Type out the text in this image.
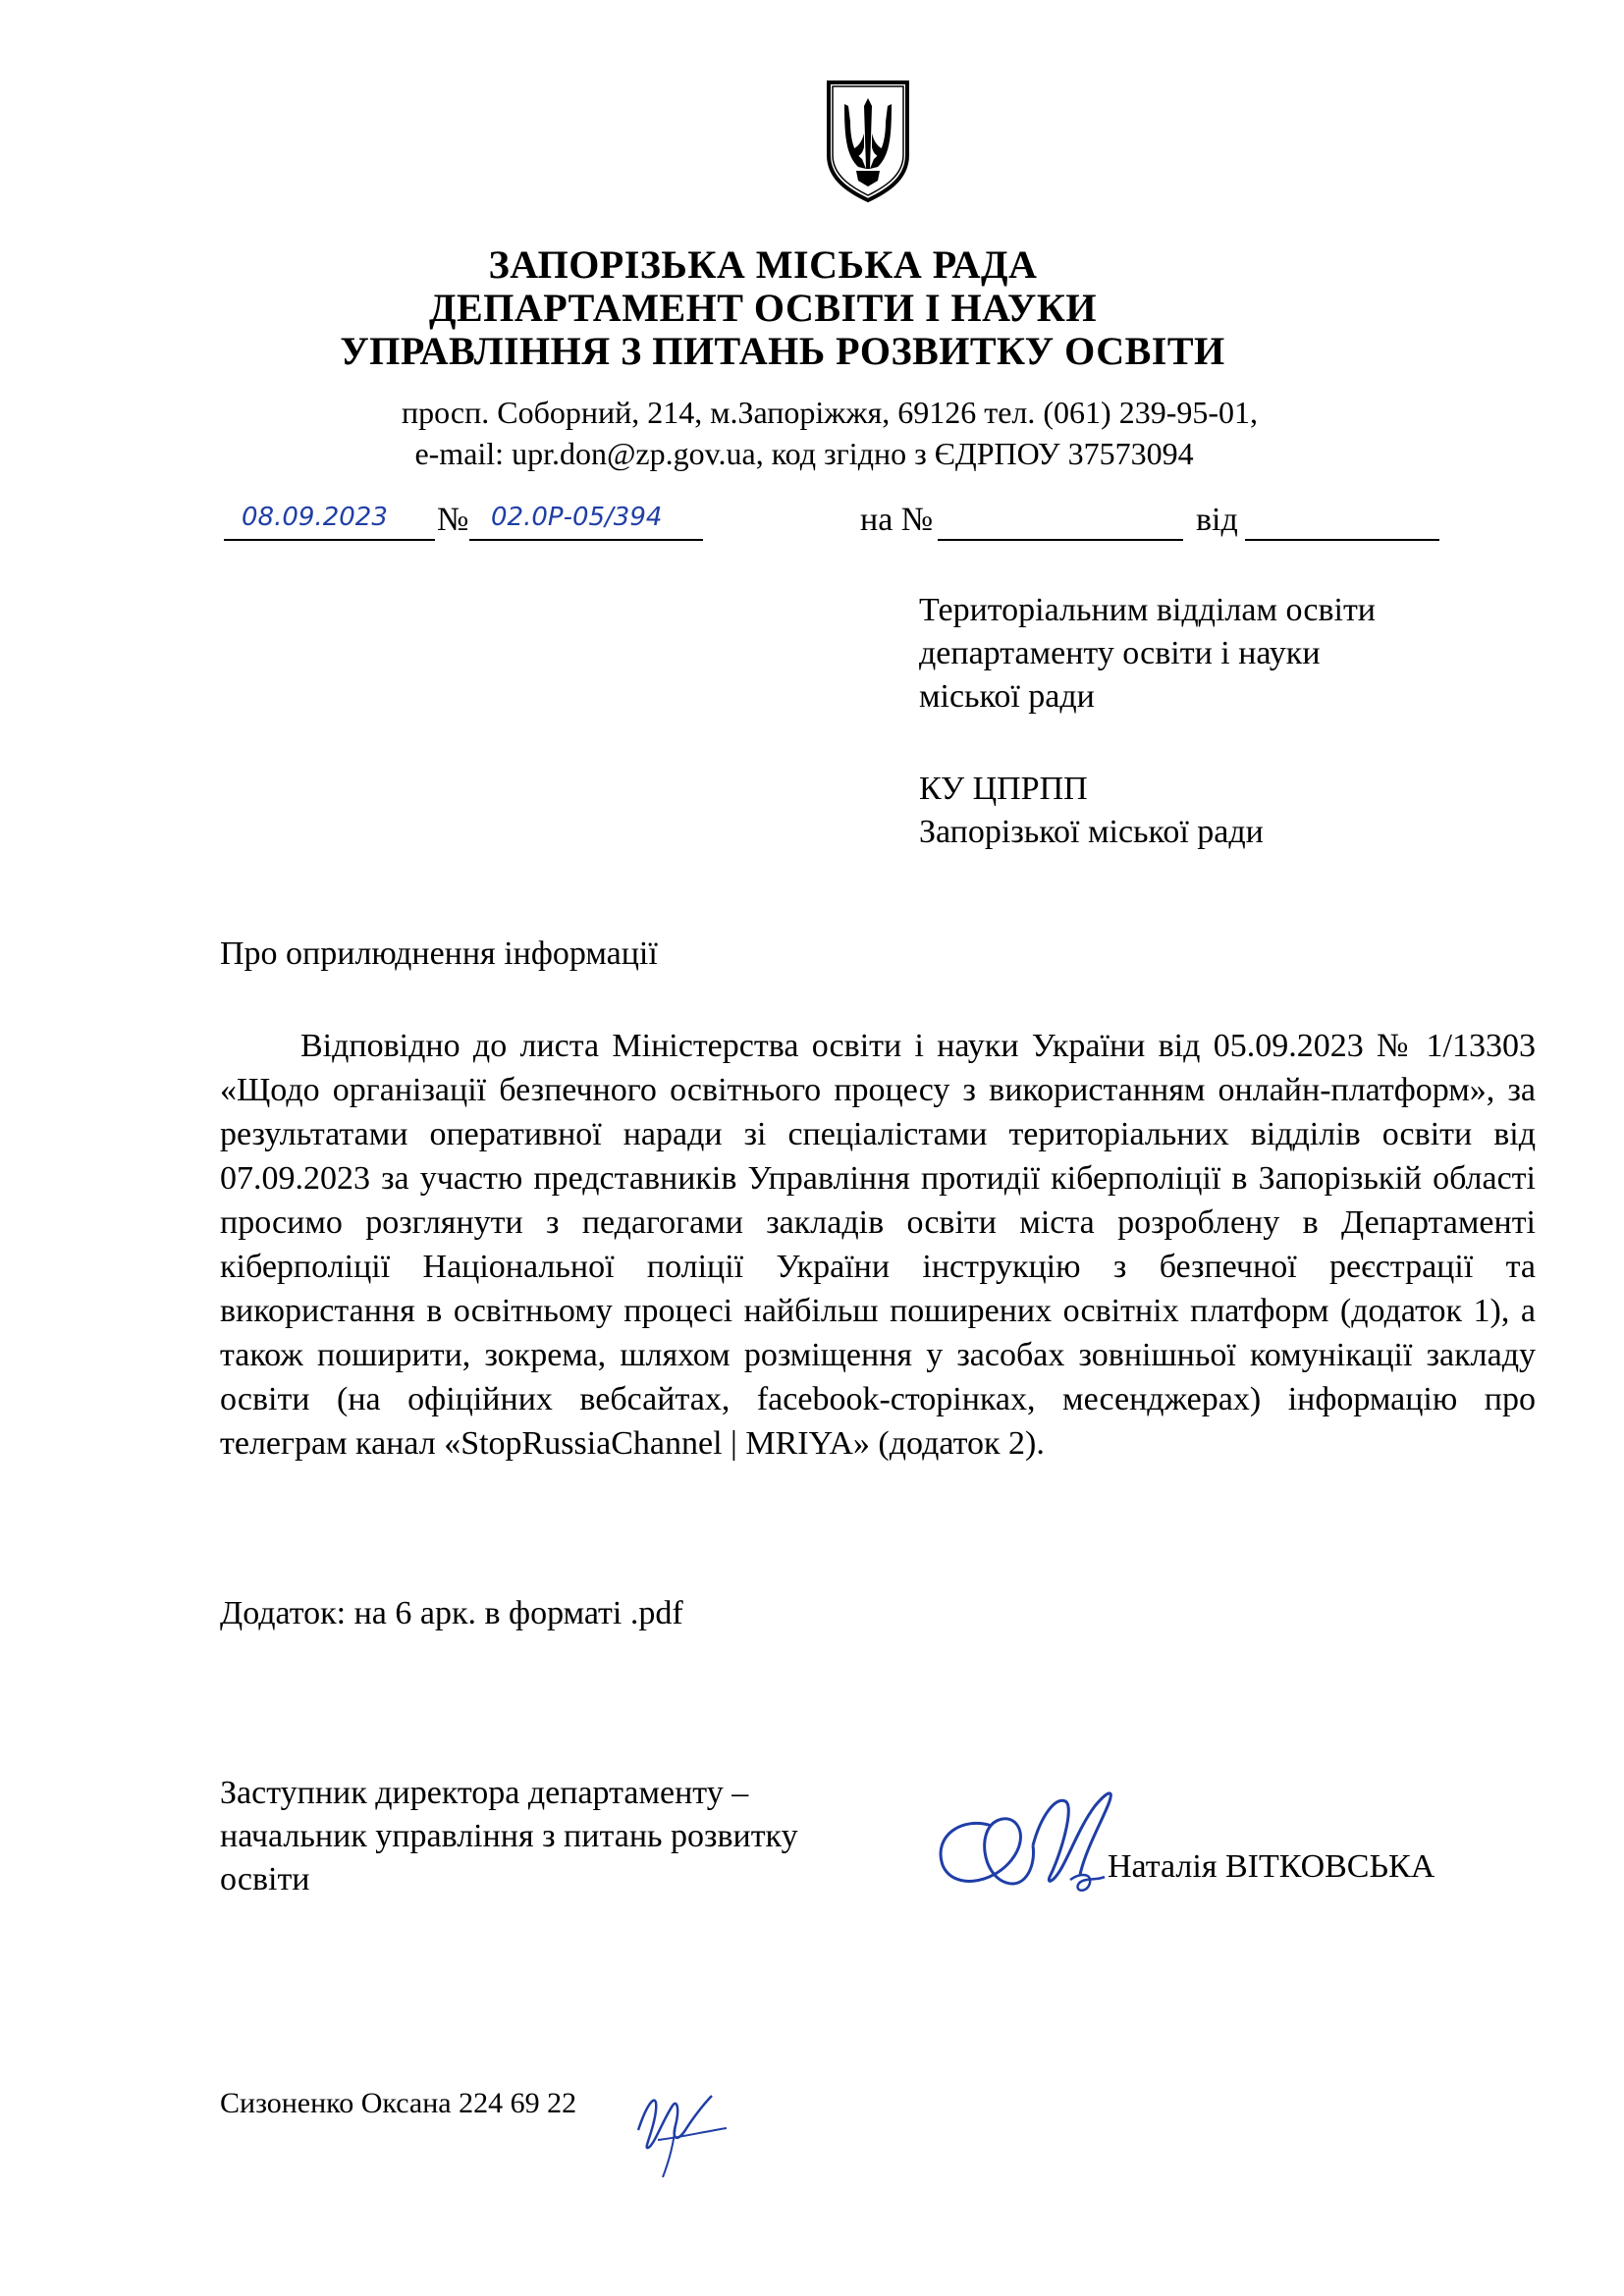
ЗАПОРІЗЬКА МІСЬКА РАДА
ДЕПАРТАМЕНТ ОСВІТИ І НАУКИ
УПРАВЛІННЯ З ПИТАНЬ РОЗВИТКУ ОСВІТИ
просп. Соборний, 214, м.Запоріжжя, 69126 тел. (061) 239-95-01,
e-mail: upr.don@zp.gov.ua, код згідно з ЄДРПОУ 37573094
08.09.2023 № 02.0Р-05/394	на №	від
Територіальним відділам освіти
департаменту освіти і науки
міської ради
КУ ЦПРПП
Запорізької міської ради
Про оприлюднення інформації
Відповідно до листа Міністерства освіти і науки України від 05.09.2023 № 1/13303 «Щодо організації безпечного освітнього процесу з використанням онлайн-платформ», за результатами оперативної наради зі спеціалістами територіальних відділів освіти від 07.09.2023 за участю представників Управління протидії кіберполіції в Запорізькій області просимо розглянути з педагогами закладів освіти міста розроблену в Департаменті кіберполіції Національної поліції України інструкцію з безпечної реєстрації та використання в освітньому процесі найбільш поширених освітніх платформ (додаток 1), а також поширити, зокрема, шляхом розміщення у засобах зовнішньої комунікації закладу освіти (на офіційних вебсайтах, facebook-сторінках, месенджерах) інформацію про телеграм канал «StopRussiaChannel | MRIYA» (додаток 2).
Додаток: на 6 арк. в форматі .pdf
Заступник директора департаменту –
начальник управління з питань розвитку
освіти	Наталія ВІТКОВСЬКА
Сизоненко Оксана 224 69 22
